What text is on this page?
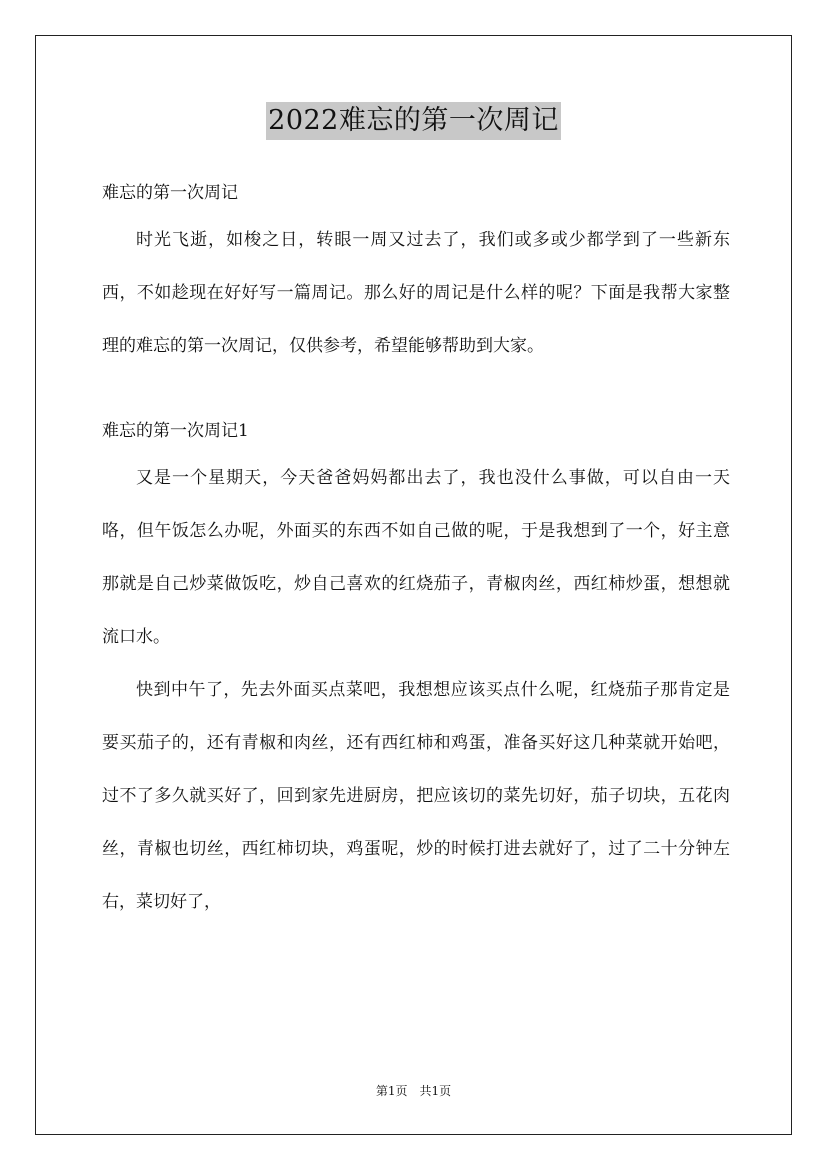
2022难忘的第一次周记
难忘的第一次周记

时光飞逝，如梭之日，转眼一周又过去了，我们或多或少都学到了一些新东西，不如趁现在好好写一篇周记。那么好的周记是什么样的呢？下面是我帮大家整理的难忘的第一次周记，仅供参考，希望能够帮助到大家。

难忘的第一次周记1

又是一个星期天，今天爸爸妈妈都出去了，我也没什么事做，可以自由一天咯，但午饭怎么办呢，外面买的东西不如自己做的呢，于是我想到了一个，好主意那就是自己炒菜做饭吃，炒自己喜欢的红烧茄子，青椒肉丝，西红柿炒蛋，想想就流口水。

快到中午了，先去外面买点菜吧，我想想应该买点什么呢，红烧茄子那肯定是要买茄子的，还有青椒和肉丝，还有西红柿和鸡蛋，准备买好这几种菜就开始吧，过不了多久就买好了，回到家先进厨房，把应该切的菜先切好，茄子切块，五花肉丝，青椒也切丝，西红柿切块，鸡蛋呢，炒的时候打进去就好了，过了二十分钟左右，菜切好了，

第1页　共1页
